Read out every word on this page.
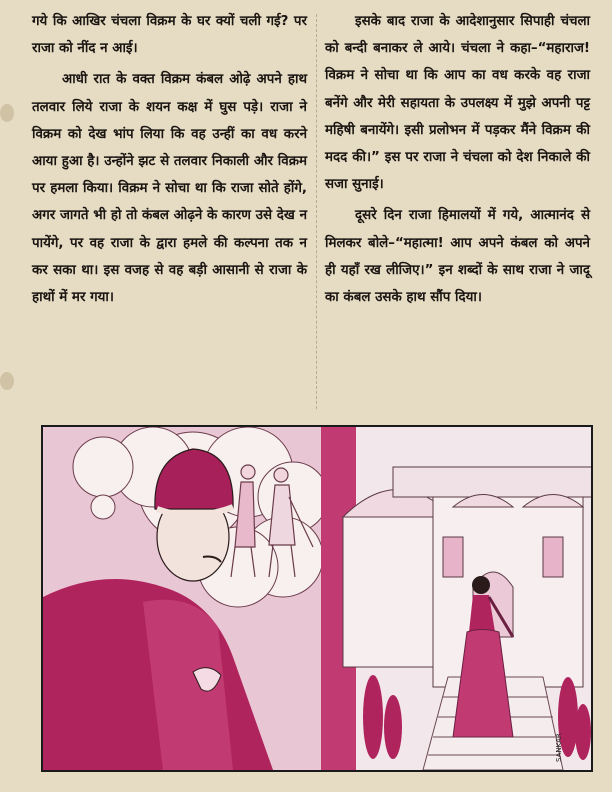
गये कि आखिर चंचला विक्रम के घर क्यों चली गई? पर राजा को नींद न आई।

आधी रात के वक्त विक्रम कंबल ओढ़े अपने हाथ तलवार लिये राजा के शयन कक्ष में घुस पड़े। राजा ने विक्रम को देख भांप लिया कि वह उन्हीं का वध करने आया हुआ है। उन्होंने झट से तलवार निकाली और विक्रम पर हमला किया। विक्रम ने सोचा था कि राजा सोते होंगे, अगर जागते भी हो तो कंबल ओढ़ने के कारण उसे देख न पायेंगे, पर वह राजा के द्वारा हमले की कल्पना तक न कर सका था। इस वजह से वह बड़ी आसानी से राजा के हाथों में मर गया।

इसके बाद राजा के आदेशानुसार सिपाही चंचला को बन्दी बनाकर ले आये। चंचला ने कहा–“महाराज! विक्रम ने सोचा था कि आप का वध करके वह राजा बनेंगे और मेरी सहायता के उपलक्ष्य में मुझे अपनी पट्ट महिषी बनायेंगे। इसी प्रलोभन में पड़कर मैंने विक्रम की मदद की।” इस पर राजा ने चंचला को देश निकाले की सजा सुनाई।

दूसरे दिन राजा हिमालयों में गये, आत्मानंद से मिलकर बोले–“महात्मा! आप अपने कंबल को अपने ही यहाँ रख लीजिए।” इन शब्दों के साथ राजा ने जादू का कंबल उसके हाथ सौंप दिया।

SANKAR
